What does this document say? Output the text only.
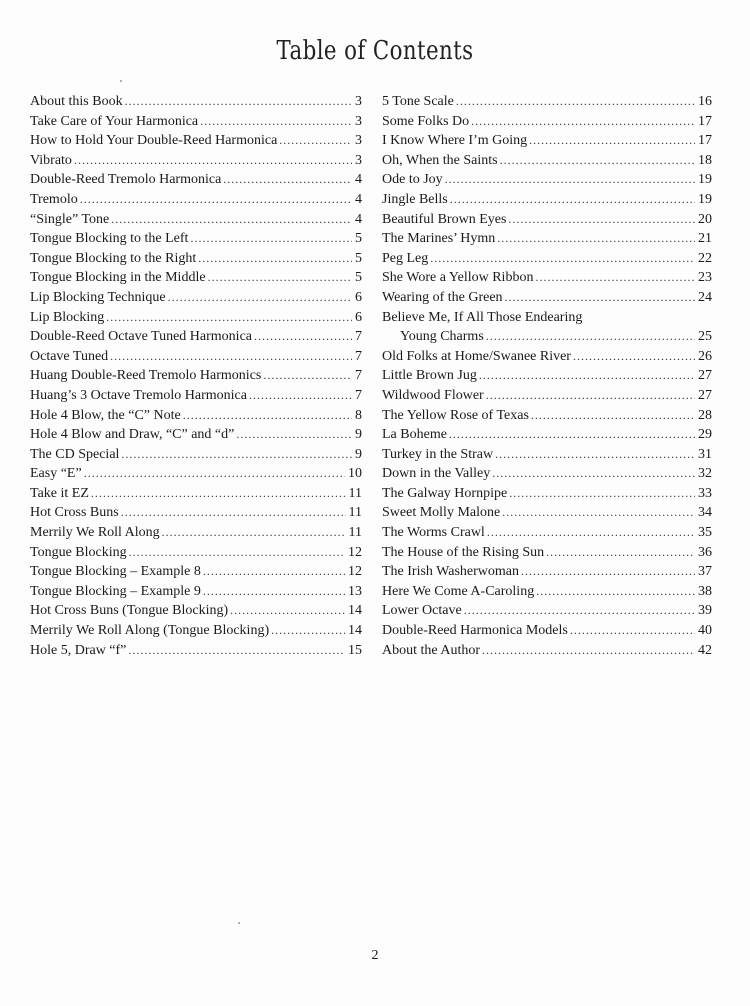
Table of Contents
About this Book .....	3
Take Care of Your Harmonica .....	3
How to Hold Your Double-Reed Harmonica .....	3
Vibrato .....	3
Double-Reed Tremolo Harmonica .....	4
Tremolo .....	4
“Single” Tone .....	4
Tongue Blocking to the Left .....	5
Tongue Blocking to the Right .....	5
Tongue Blocking in the Middle .....	5
Lip Blocking Technique .....	6
Lip Blocking .....	6
Double-Reed Octave Tuned Harmonica .....	7
Octave Tuned .....	7
Huang Double-Reed Tremolo Harmonics .....	7
Huang’s 3 Octave Tremolo Harmonica .....	7
Hole 4 Blow, the “C” Note .....	8
Hole 4 Blow and Draw, “C” and “d” .....	9
The CD Special .....	9
Easy “E” .....	10
Take it EZ .....	11
Hot Cross Buns .....	11
Merrily We Roll Along .....	11
Tongue Blocking .....	12
Tongue Blocking – Example 8 .....	12
Tongue Blocking – Example 9 .....	13
Hot Cross Buns (Tongue Blocking) .....	14
Merrily We Roll Along (Tongue Blocking) .....	14
Hole 5, Draw “f” .....	15
5 Tone Scale .....	16
Some Folks Do .....	17
I Know Where I’m Going .....	17
Oh, When the Saints .....	18
Ode to Joy .....	19
Jingle Bells .....	19
Beautiful Brown Eyes .....	20
The Marines’ Hymn .....	21
Peg Leg .....	22
She Wore a Yellow Ribbon .....	23
Wearing of the Green .....	24
Believe Me, If All Those Endearing
Young Charms .....	25
Old Folks at Home/Swanee River .....	26
Little Brown Jug .....	27
Wildwood Flower .....	27
The Yellow Rose of Texas .....	28
La Boheme .....	29
Turkey in the Straw .....	31
Down in the Valley .....	32
The Galway Hornpipe .....	33
Sweet Molly Malone .....	34
The Worms Crawl .....	35
The House of the Rising Sun .....	36
The Irish Washerwoman .....	37
Here We Come A-Caroling .....	38
Lower Octave .....	39
Double-Reed Harmonica Models .....	40
About the Author .....	42
2
